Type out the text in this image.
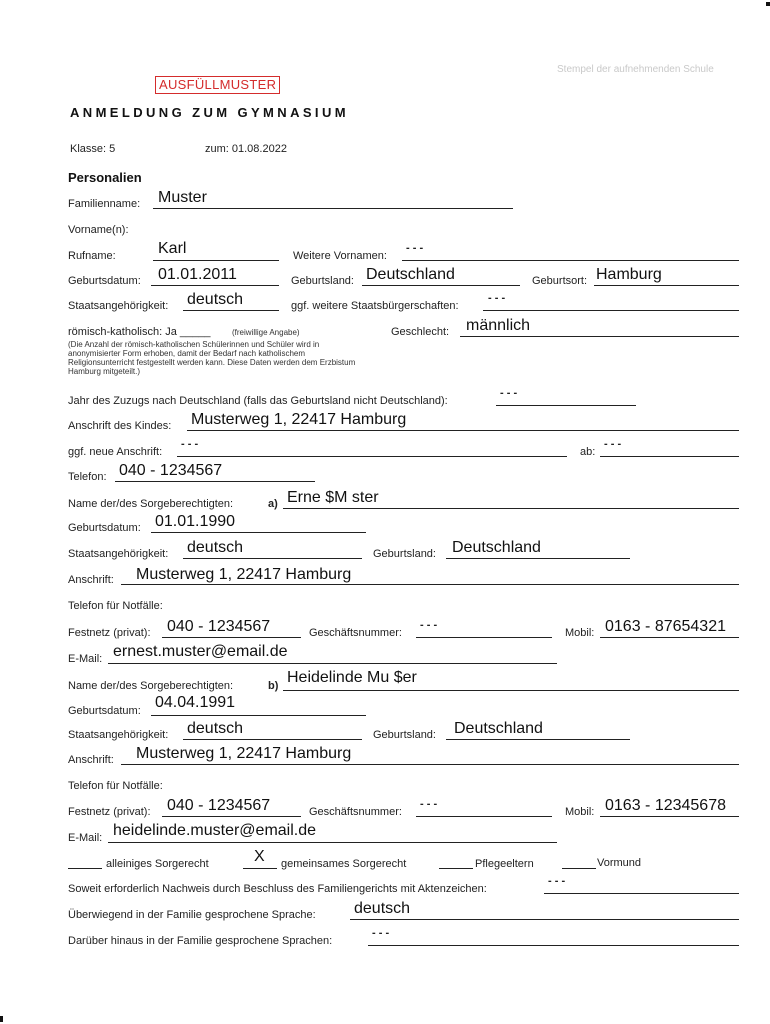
AUSFÜLLMUSTER
Stempel der aufnehmenden Schule
ANMELDUNG ZUM GYMNASIUM
Klasse: 5	zum: 01.08.2022
Personalien
Familienname: Muster
Vorname(n):
Rufname:	Karl	Weitere Vornamen:
- - -
Geburtsdatum: 01.01.2011	Geburtsland: Deutschland	Geburtsort: Hamburg
Staatsangehörigkeit: deutsch	ggf. weitere Staatsbürgerschaften:
- - -
römisch-katholisch: Ja _____	(freiwillige Angabe)
(Die Anzahl der römisch-katholischen Schülerinnen und Schüler wird in anonymisierter Form erhoben, damit der Bedarf nach katholischem Religionsunterricht festgestellt werden kann. Diese Daten werden dem Erzbistum Hamburg mitgeteilt.)
Geschlecht: männlich
Jahr des Zuzugs nach Deutschland (falls das Geburtsland nicht Deutschland):
- - -
Anschrift des Kindes: Musterweg 1, 22417 Hamburg
ggf. neue Anschrift:
- - -
ab:
- - -
Telefon: 040 - 1234567
Name der/des Sorgeberechtigten:	a) Erne $M ster
Geburtsdatum: 01.01.1990
Staatsangehörigkeit: deutsch	Geburtsland: Deutschland
Anschrift: Musterweg 1, 22417 Hamburg
Telefon für Notfälle:
Festnetz (privat): 040 - 1234567	Geschäftsnummer:
- - -
Mobil: 0163 - 87654321
E-Mail: ernest.muster@email.de
Name der/des Sorgeberechtigten:	b) Heidelinde Mu $er
Geburtsdatum: 04.04.1991
Staatsangehörigkeit: deutsch	Geburtsland: Deutschland
Anschrift: Musterweg 1, 22417 Hamburg
Telefon für Notfälle:
Festnetz (privat): 040 - 1234567	Geschäftsnummer:
- - -
Mobil: 0163 - 12345678
E-Mail: heidelinde.muster@email.de
alleiniges Sorgerecht	X gemeinsames Sorgerecht	Pflegeeltern	Vormund
Soweit erforderlich Nachweis durch Beschluss des Familiengerichts mit Aktenzeichen:
- - -
Überwiegend in der Familie gesprochene Sprache: deutsch
Darüber hinaus in der Familie gesprochene Sprachen:
- - -
